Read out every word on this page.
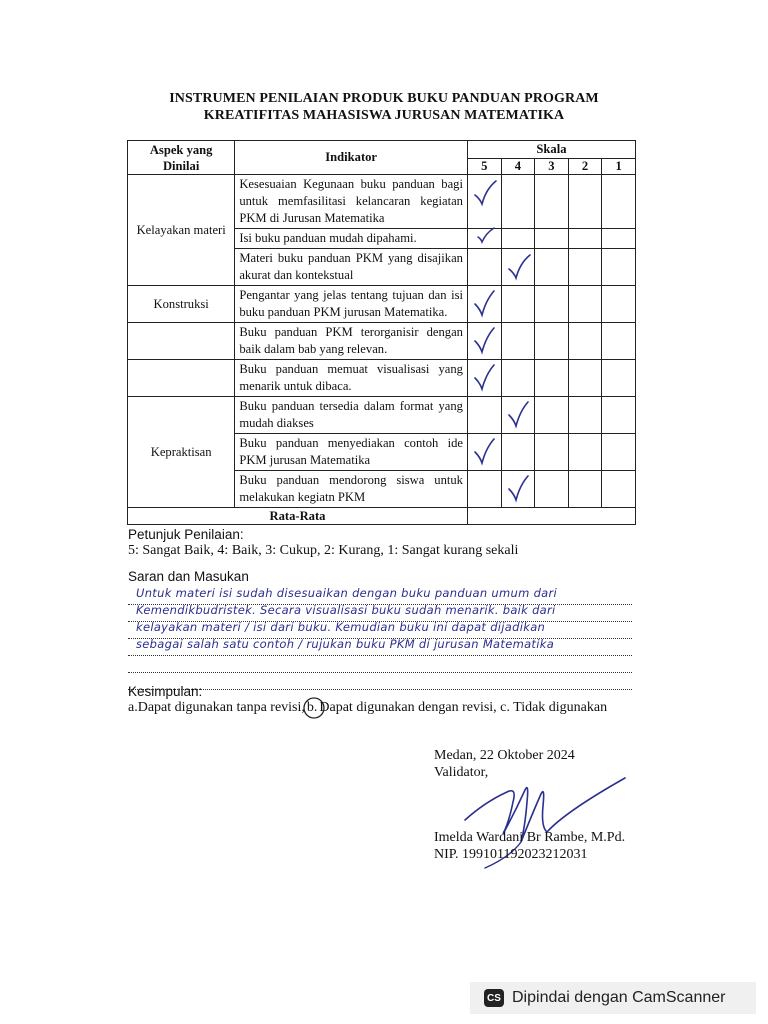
INSTRUMEN PENILAIAN PRODUK BUKU PANDUAN PROGRAM
KREATIFITAS MAHASISWA JURUSAN MATEMATIKA
Aspek yang Dinilai	Indikator	Skala				
		5	4	3	2	1
Kelayakan materi	Kesesuaian Kegunaan buku panduan bagi untuk memfasilitasi kelancaran kegiatan PKM di Jurusan Matematika	

	Isi buku panduan mudah dipahami.	

	Materi buku panduan PKM yang disajikan akurat dan kontekstual		

Konstruksi	Pengantar yang jelas tentang tujuan dan isi buku panduan PKM jurusan Matematika.	

	Buku panduan PKM terorganisir dengan baik dalam bab yang relevan.	

	Buku panduan memuat visualisasi yang menarik untuk dibaca.	

Kepraktisan	Buku panduan tersedia dalam format yang mudah diakses		

	Buku panduan menyediakan contoh ide PKM jurusan Matematika	

	Buku panduan mendorong siswa untuk melakukan kegiatn PKM		

Rata-Rata						
Petunjuk Penilaian:
5: Sangat Baik, 4: Baik, 3: Cukup, 2: Kurang, 1: Sangat kurang sekali
Saran dan Masukan
Untuk materi isi sudah disesuaikan dengan buku panduan umum dari
Kemendikbudristek. Secara visualisasi buku sudah menarik. baik dari
kelayakan materi / isi dari buku. Kemudian buku ini dapat dijadikan
sebagai salah satu contoh / rujukan buku PKM di jurusan Matematika
Kesimpulan:
a.Dapat digunakan tanpa revisi, b. Dapat digunakan dengan revisi, c. Tidak digunakan
Medan, 22 Oktober 2024
Validator,
Imelda Wardani Br Rambe, M.Pd.
NIP. 199101192023212031
CS Dipindai dengan CamScanner
